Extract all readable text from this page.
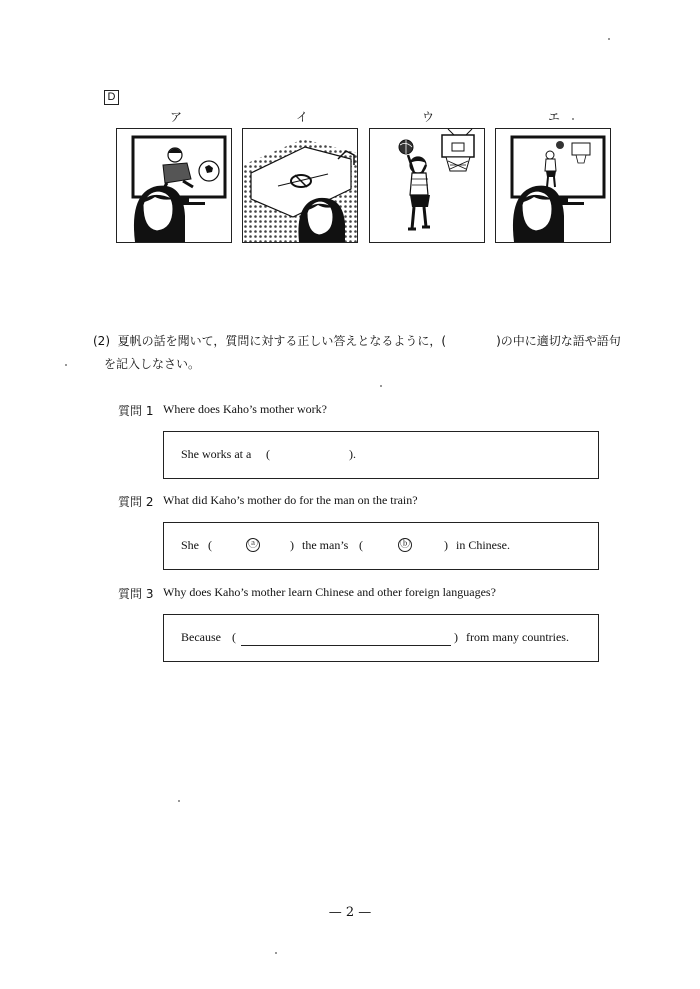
D
ア	イ	ウ	エ
(2) 夏帆の話を聞いて，質問に対する正しい答えとなるように，(	)の中に適切な語や語句
を記入しなさい。
質問 1 Where does Kaho’s mother work?
She works at a (	).
質問 2 What did Kaho’s mother do for the man on the train?
She (	ⓐ	) the man’s (	ⓑ	) in Chinese.
質問 3 Why does Kaho’s mother learn Chinese and other foreign languages?
Because (	) from many countries.
— 2 —
